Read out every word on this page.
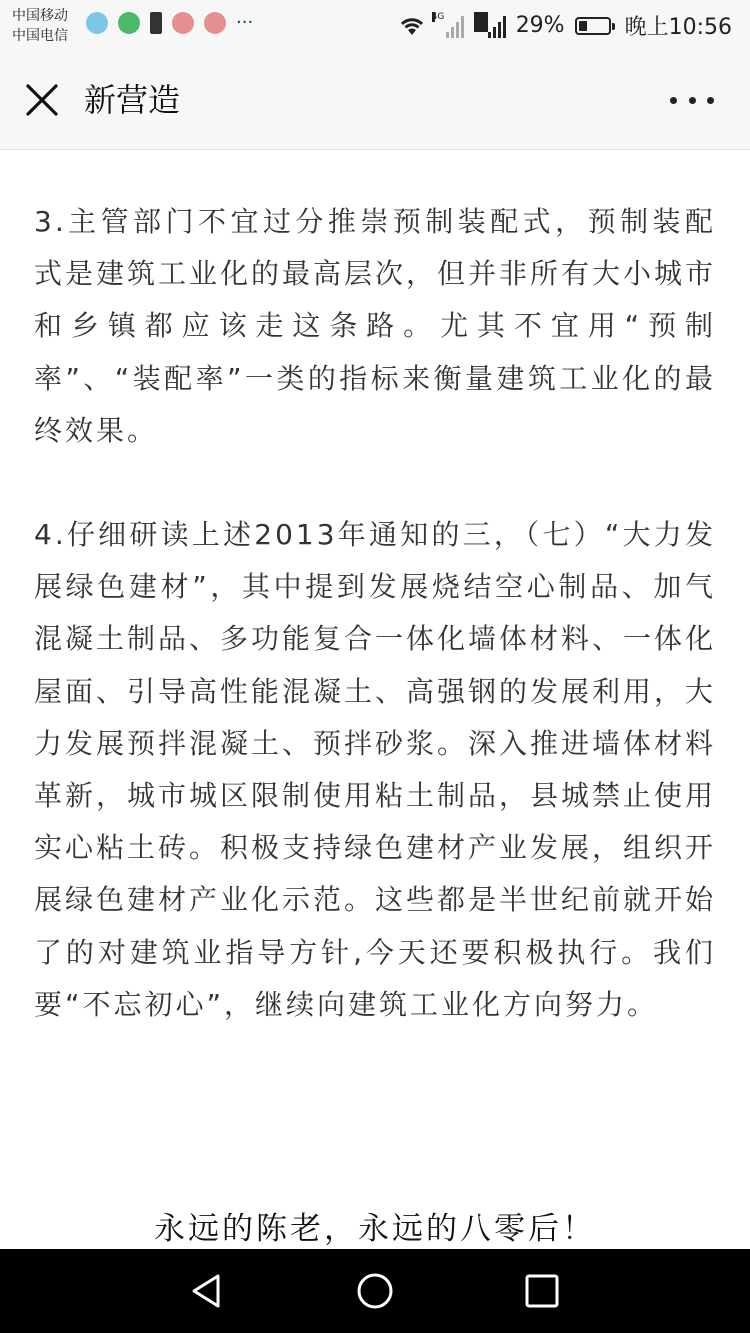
中国移动
中国电信
···	4G	3G 2G 29%	晚上10:56
新营造

3.主管部门不宜过分推崇预制装配式，预制装配式是建筑工业化的最高层次，但并非所有大小城市和乡镇都应该走这条路。尤其不宜用“预制率”、“装配率”一类的指标来衡量建筑工业化的最终效果。

4.仔细研读上述2013年通知的三，（七）“大力发展绿色建材”，其中提到发展烧结空心制品、加气混凝土制品、多功能复合一体化墙体材料、一体化屋面、引导高性能混凝土、高强钢的发展利用，大力发展预拌混凝土、预拌砂浆。深入推进墙体材料革新，城市城区限制使用粘土制品，县城禁止使用实心粘土砖。积极支持绿色建材产业发展，组织开展绿色建材产业化示范。这些都是半世纪前就开始了的对建筑业指导方针,今天还要积极执行。我们要“不忘初心”，继续向建筑工业化方向努力。

永远的陈老，永远的八零后！
